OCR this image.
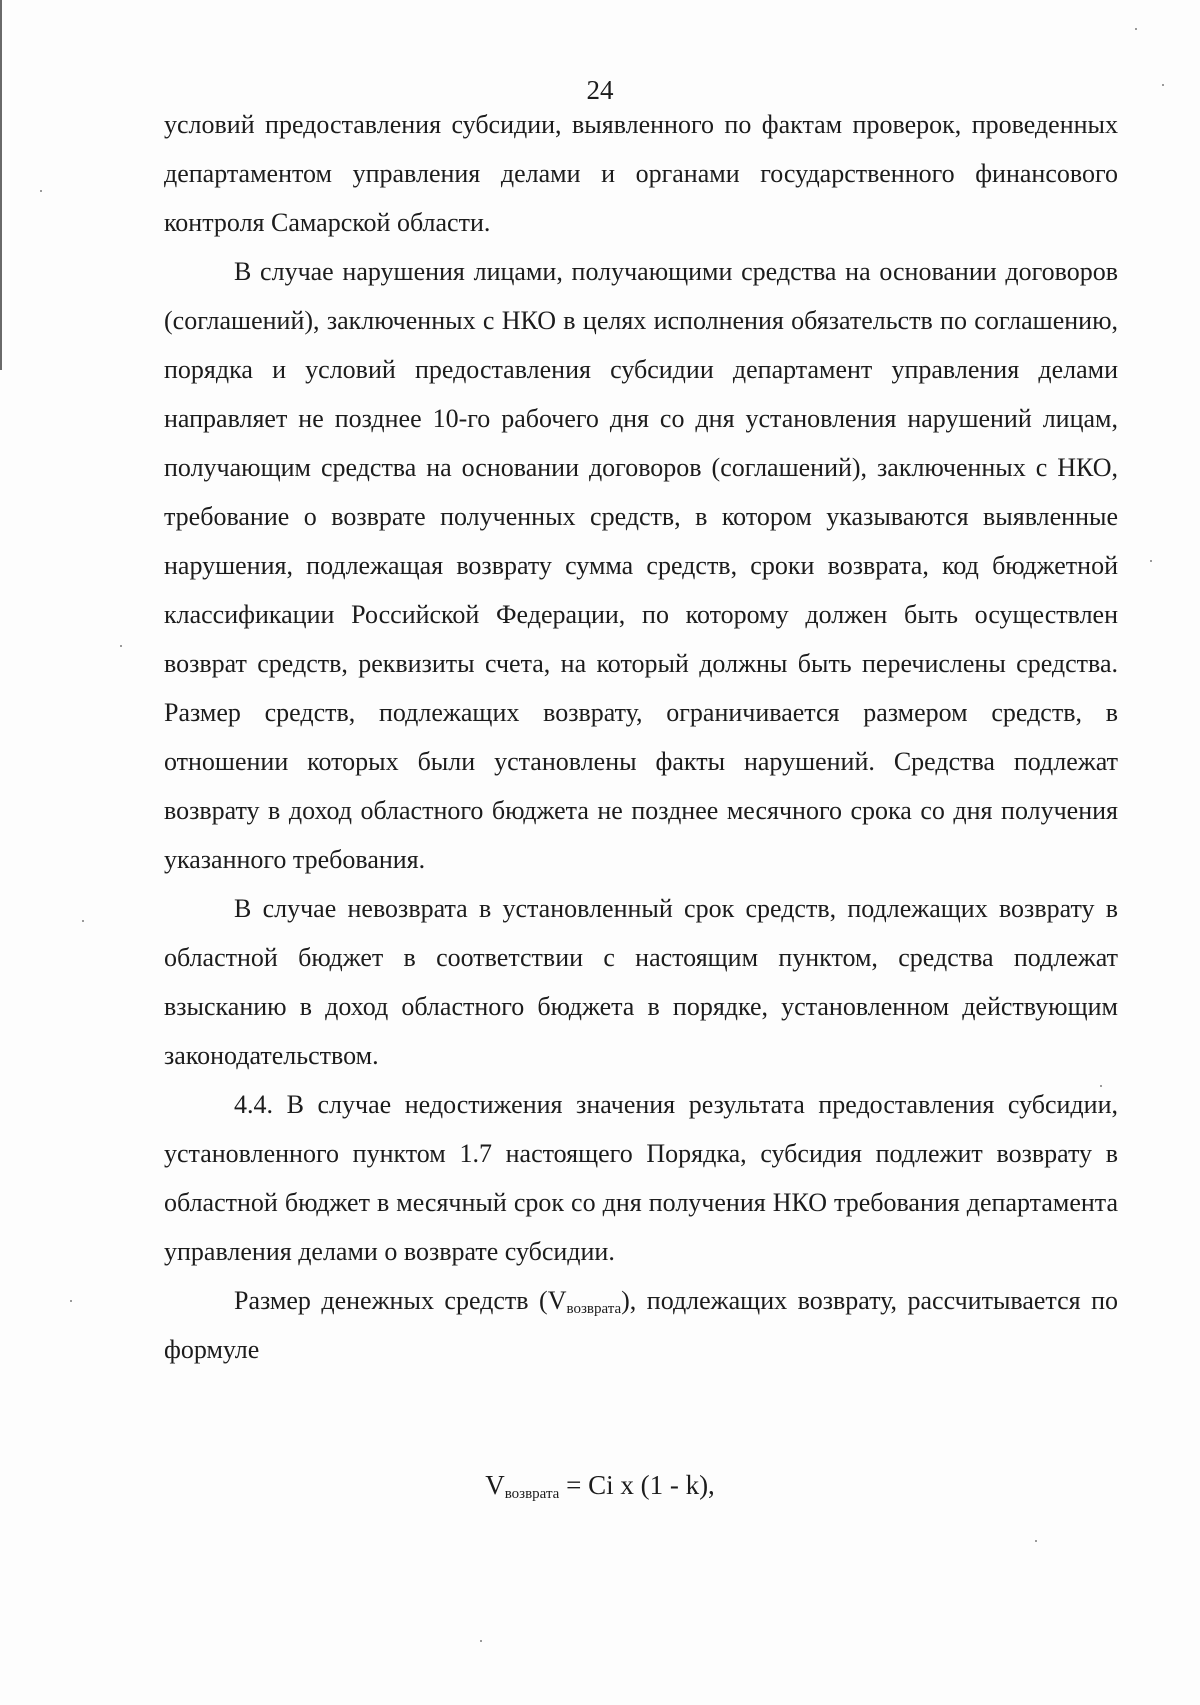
24

условий предоставления субсидии, выявленного по фактам проверок, проведенных департаментом управления делами и органами государственного финансового контроля Самарской области.

В случае нарушения лицами, получающими средства на основании договоров (соглашений), заключенных с НКО в целях исполнения обязательств по соглашению, порядка и условий предоставления субсидии департамент управления делами направляет не позднее 10-го рабочего дня со дня установления нарушений лицам, получающим средства на основании договоров (соглашений), заключенных с НКО, требование о возврате полученных средств, в котором указываются выявленные нарушения, подлежащая возврату сумма средств, сроки возврата, код бюджетной классификации Российской Федерации, по которому должен быть осуществлен возврат средств, реквизиты счета, на который должны быть перечислены средства. Размер средств, подлежащих возврату, ограничивается размером средств, в отношении которых были установлены факты нарушений. Средства подлежат возврату в доход областного бюджета не позднее месячного срока со дня получения указанного требования.

В случае невозврата в установленный срок средств, подлежащих возврату в областной бюджет в соответствии с настоящим пунктом, средства подлежат взысканию в доход областного бюджета в порядке, установленном действующим законодательством.

4.4. В случае недостижения значения результата предоставления субсидии, установленного пунктом 1.7 настоящего Порядка, субсидия подлежит возврату в областной бюджет в месячный срок со дня получения НКО требования департамента управления делами о возврате субсидии.

Размер денежных средств $(V_{возврата})$, подлежащих возврату, рассчитывается по формуле

$V_{возврата} = Ci$ x (1 - k),
